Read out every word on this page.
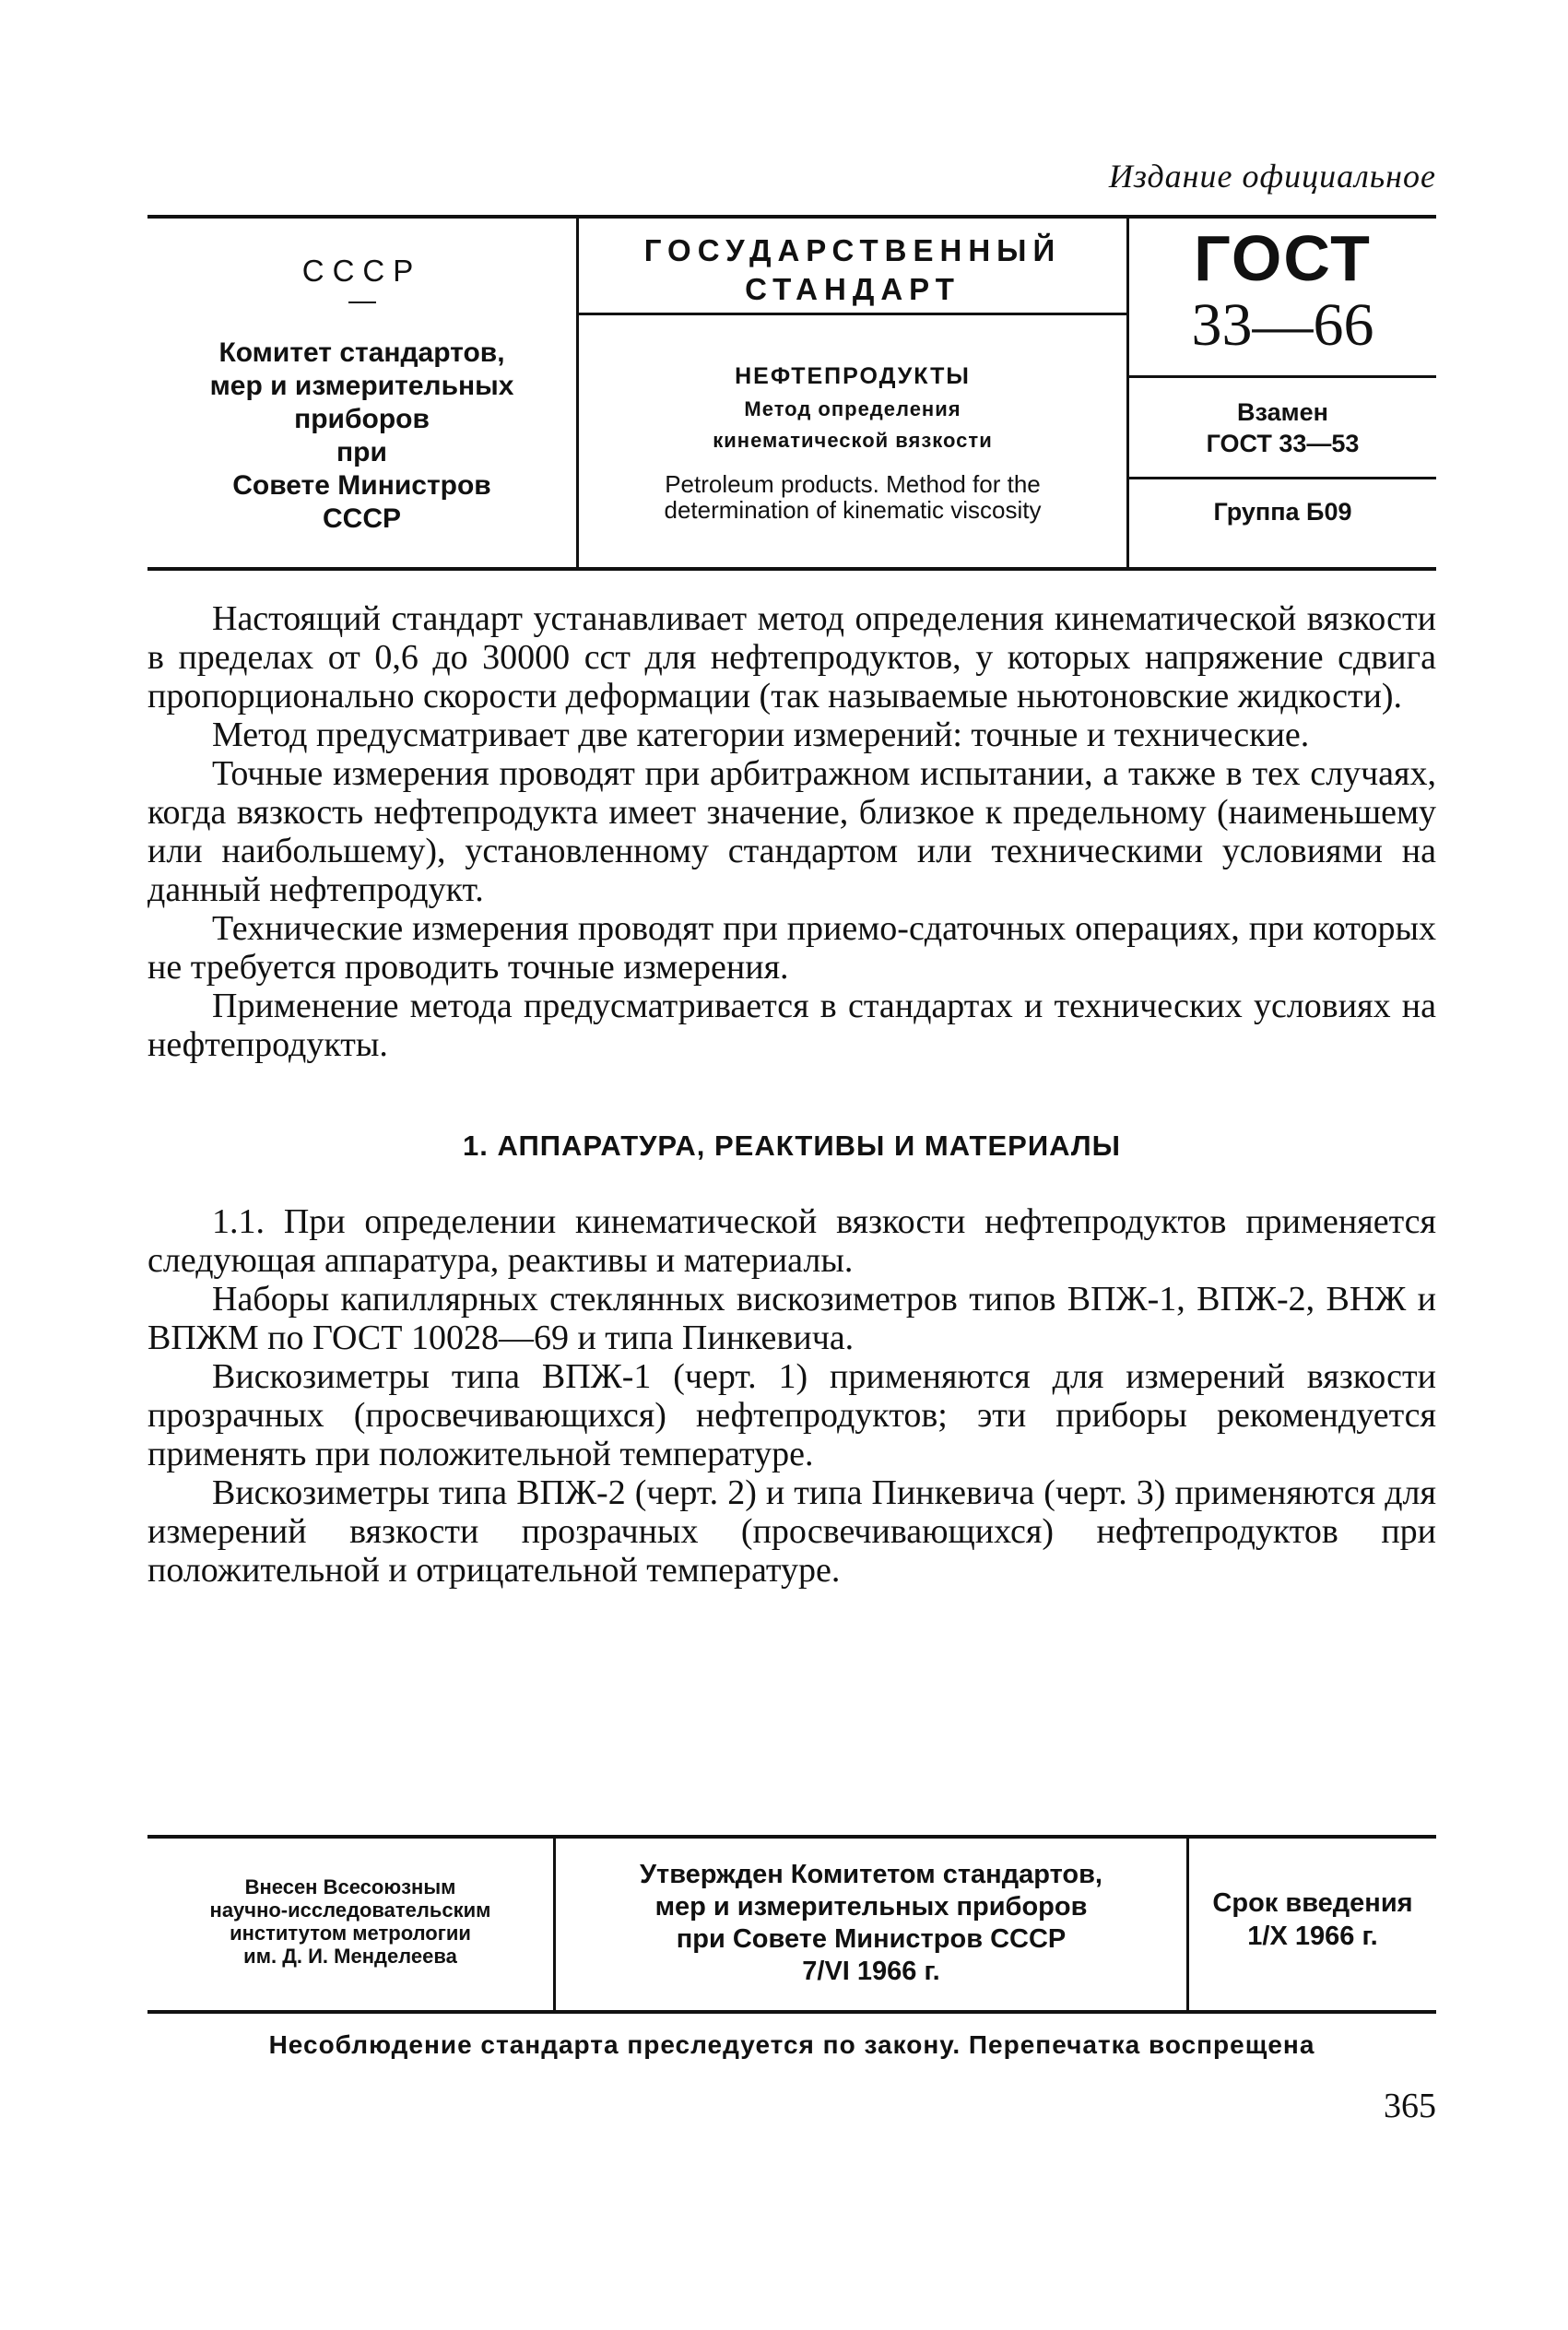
Издание официальное
СССР
Комитет стандартов,
мер и измерительных
приборов
при
Совете Министров
СССР
ГОСУДАРСТВЕННЫЙ СТАНДАРТ
НЕФТЕПРОДУКТЫ
Метод определения
кинематической вязкости
Petroleum products. Method for the
determination of kinematic viscosity
ГОСТ
33—66
Взамен
ГОСТ 33—53
Группа Б09

Настоящий стандарт устанавливает метод определения кинематической вязкости в пределах от 0,6 до 30000 сст для нефтепродуктов, у которых напряжение сдвига пропорционально скорости деформации (так называемые ньютоновские жидкости).

Метод предусматривает две категории измерений: точные и технические.

Точные измерения проводят при арбитражном испытании, а также в тех случаях, когда вязкость нефтепродукта имеет значение, близкое к предельному (наименьшему или наибольшему), установленному стандартом или техническими условиями на данный нефтепродукт.

Технические измерения проводят при приемо-сдаточных операциях, при которых не требуется проводить точные измерения.

Применение метода предусматривается в стандартах и технических условиях на нефтепродукты.

1. АППАРАТУРА, РЕАКТИВЫ И МАТЕРИАЛЫ

1.1. При определении кинематической вязкости нефтепродуктов применяется следующая аппаратура, реактивы и материалы.

Наборы капиллярных стеклянных вискозиметров типов ВПЖ-1, ВПЖ-2, ВНЖ и ВПЖМ по ГОСТ 10028—69 и типа Пинкевича.

Вискозиметры типа ВПЖ-1 (черт. 1) применяются для измерений вязкости прозрачных (просвечивающихся) нефтепродуктов; эти приборы рекомендуется применять при положительной температуре.

Вискозиметры типа ВПЖ-2 (черт. 2) и типа Пинкевича (черт. 3) применяются для измерений вязкости прозрачных (просвечивающихся) нефтепродуктов при положительной и отрицательной температуре.

Внесен Всесоюзным
научно-исследовательским
институтом метрологии
им. Д. И. Менделеева
Утвержден Комитетом стандартов,
мер и измерительных приборов
при Совете Министров СССР
7/VI 1966 г.
Срок введения
1/X 1966 г.
Несоблюдение стандарта преследуется по закону. Перепечатка воспрещена
365
